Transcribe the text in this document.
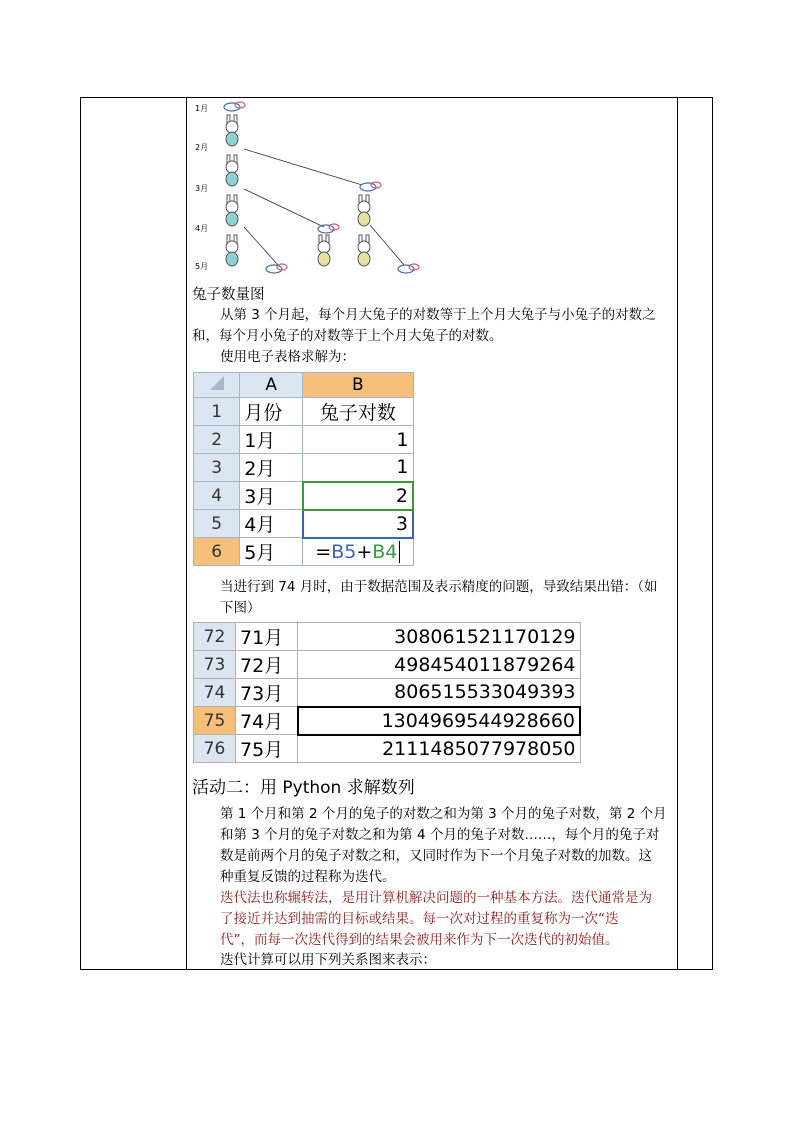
1月
2月
3月
4月
5月
兔子数量图
从第 3 个月起，每个月大兔子的对数等于上个月大兔子与小兔子的对数之
和，每个月小兔子的对数等于上个月大兔子的对数。
使用电子表格求解为：
	A	B
1	月份	兔子对数
2	1月	1
3	2月	1
4	3月	2
5	4月	3
6	5月	=B5+B4
当进行到 74 月时，由于数据范围及表示精度的问题，导致结果出错：（如
下图）
72	71月	308061521170129
73	72月	498454011879264
74	73月	806515533049393
75	74月	1304969544928660
76	75月	2111485077978050
活动二：用 Python 求解数列
第 1 个月和第 2 个月的兔子的对数之和为第 3 个月的兔子对数，第 2 个月
和第 3 个月的兔子对数之和为第 4 个月的兔子对数……，每个月的兔子对
数是前两个月的兔子对数之和，又同时作为下一个月兔子对数的加数。这
种重复反馈的过程称为迭代。
迭代法也称辗转法，是用计算机解决问题的一种基本方法。迭代通常是为
了接近并达到抽需的目标或结果。每一次对过程的重复称为一次“迭
代”，而每一次迭代得到的结果会被用来作为下一次迭代的初始值。
迭代计算可以用下列关系图来表示：
